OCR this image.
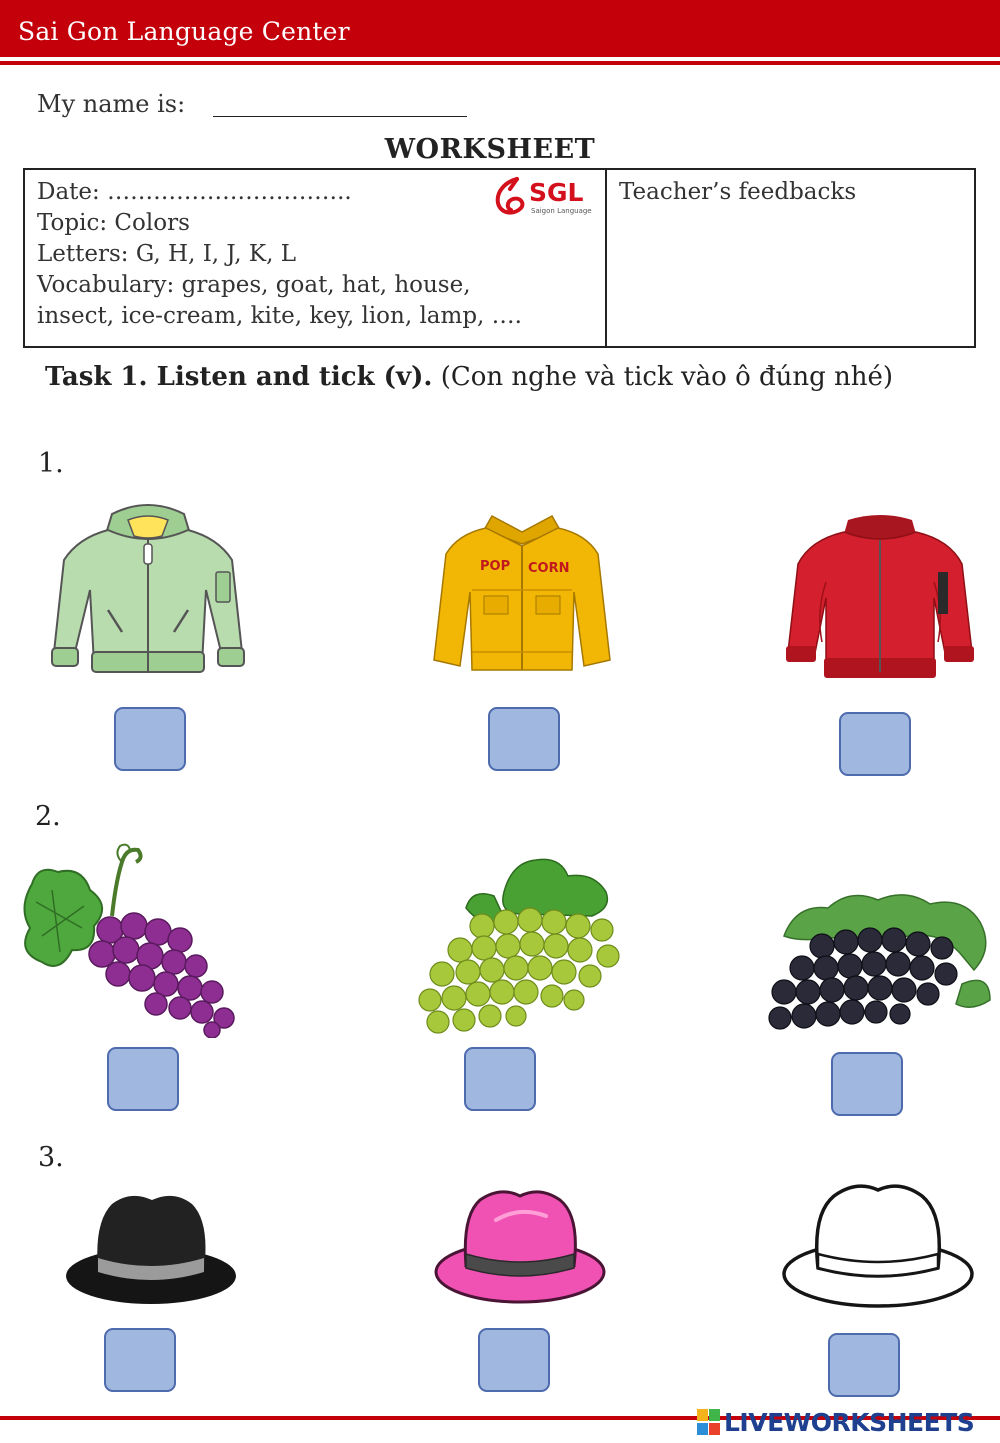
Sai Gon Language Center
My name is:
WORKSHEET
Date: …………………………..
Topic: Colors
Letters: G, H, I, J, K, L
Vocabulary: grapes, goat, hat, house,
insect, ice-cream, kite, key, lion, lamp, ….
SGL
Saigon Language
Teacher’s feedbacks
Task 1. Listen and tick (v). (Con nghe và tick vào ô đúng nhé)
1.
POP CORN
2.
3.
LIVEWORKSHEETS
